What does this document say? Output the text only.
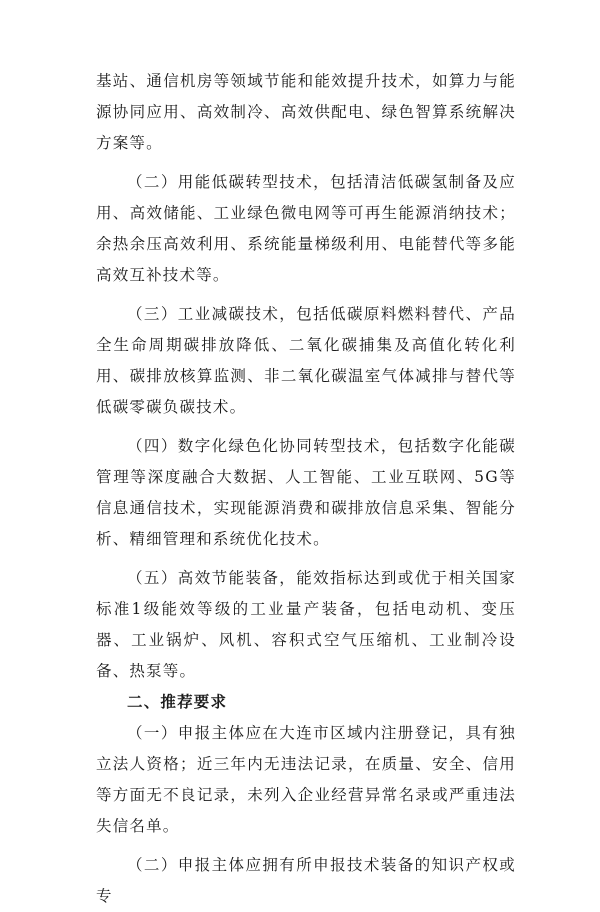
基站、通信机房等领域节能和能效提升技术，如算力与能源协同应用、高效制冷、高效供配电、绿色智算系统解决方案等。

（二）用能低碳转型技术，包括清洁低碳氢制备及应用、高效储能、工业绿色微电网等可再生能源消纳技术；余热余压高效利用、系统能量梯级利用、电能替代等多能高效互补技术等。

（三）工业减碳技术，包括低碳原料燃料替代、产品全生命周期碳排放降低、二氧化碳捕集及高值化转化利用、碳排放核算监测、非二氧化碳温室气体减排与替代等低碳零碳负碳技术。

（四）数字化绿色化协同转型技术，包括数字化能碳管理等深度融合大数据、人工智能、工业互联网、5G等信息通信技术，实现能源消费和碳排放信息采集、智能分析、精细管理和系统优化技术。

（五）高效节能装备，能效指标达到或优于相关国家标准1级能效等级的工业量产装备，包括电动机、变压器、工业锅炉、风机、容积式空气压缩机、工业制冷设备、热泵等。

二、推荐要求

（一）申报主体应在大连市区域内注册登记，具有独立法人资格；近三年内无违法记录，在质量、安全、信用等方面无不良记录，未列入企业经营异常名录或严重违法失信名单。

（二）申报主体应拥有所申报技术装备的知识产权或专
